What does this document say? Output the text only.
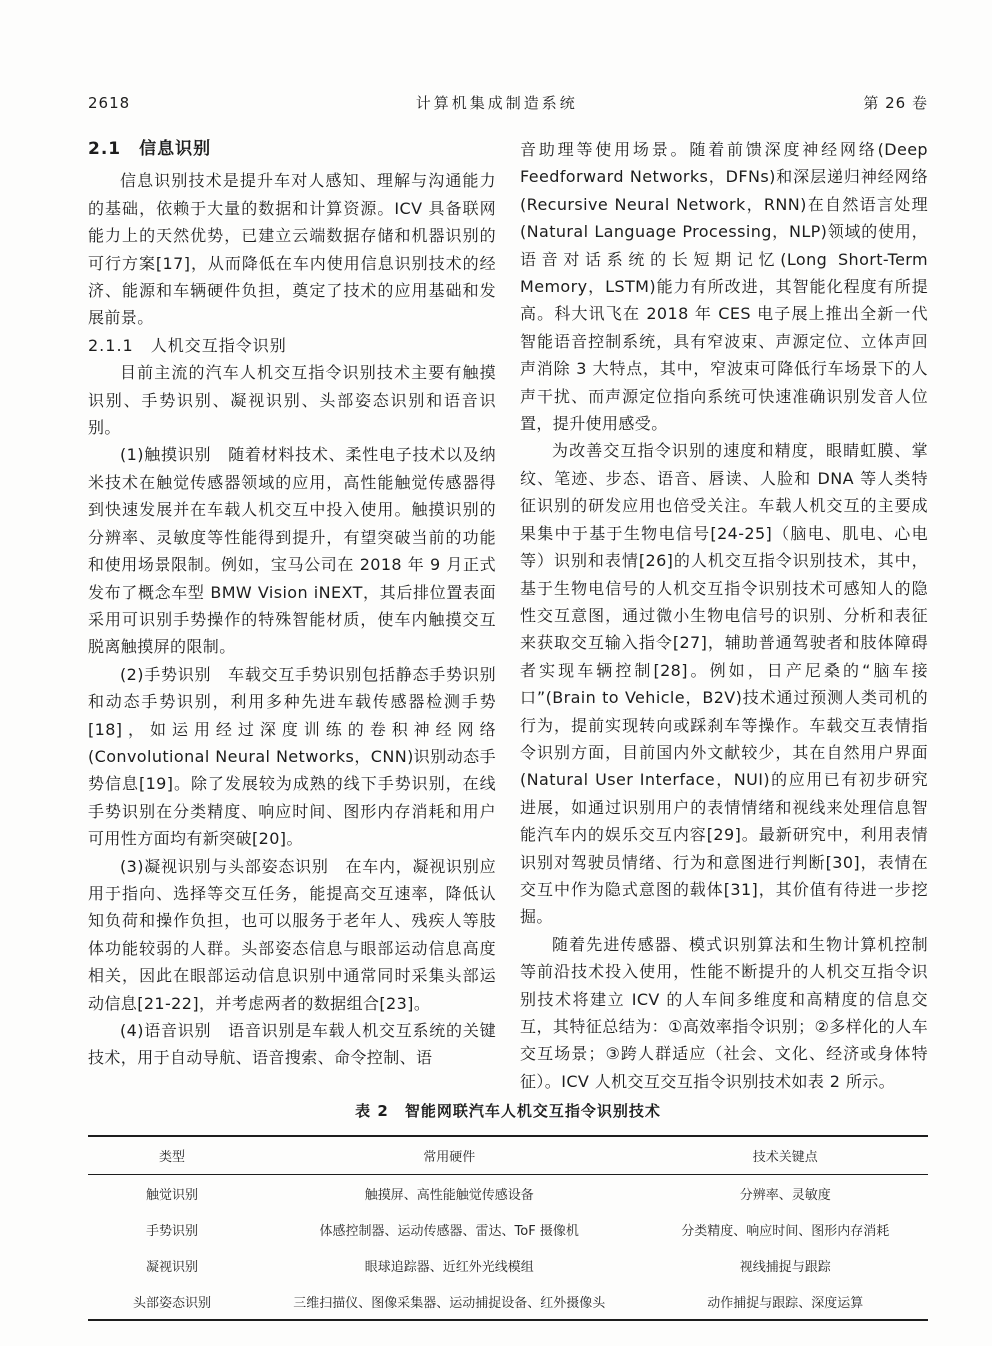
2618	计算机集成制造系统	第 26 卷
2.1　信息识别

信息识别技术是提升车对人感知、理解与沟通能力的基础，依赖于大量的数据和计算资源。ICV 具备联网能力上的天然优势，已建立云端数据存储和机器识别的可行方案[17]，从而降低在车内使用信息识别技术的经济、能源和车辆硬件负担，奠定了技术的应用基础和发展前景。

2.1.1　人机交互指令识别

目前主流的汽车人机交互指令识别技术主要有触摸识别、手势识别、凝视识别、头部姿态识别和语音识别。

(1)触摸识别　随着材料技术、柔性电子技术以及纳米技术在触觉传感器领域的应用，高性能触觉传感器得到快速发展并在车载人机交互中投入使用。触摸识别的分辨率、灵敏度等性能得到提升，有望突破当前的功能和使用场景限制。例如，宝马公司在 2018 年 9 月正式发布了概念车型 BMW Vision iNEXT，其后排位置表面采用可识别手势操作的特殊智能材质，使车内触摸交互脱离触摸屏的限制。

(2)手势识别　车载交互手势识别包括静态手势识别和动态手势识别，利用多种先进车载传感器检测手势[18]，如运用经过深度训练的卷积神经网络(Convolutional Neural Networks，CNN)识别动态手势信息[19]。除了发展较为成熟的线下手势识别，在线手势识别在分类精度、响应时间、图形内存消耗和用户可用性方面均有新突破[20]。

(3)凝视识别与头部姿态识别　在车内，凝视识别应用于指向、选择等交互任务，能提高交互速率，降低认知负荷和操作负担，也可以服务于老年人、残疾人等肢体功能较弱的人群。头部姿态信息与眼部运动信息高度相关，因此在眼部运动信息识别中通常同时采集头部运动信息[21-22]，并考虑两者的数据组合[23]。

(4)语音识别　语音识别是车载人机交互系统的关键技术，用于自动导航、语音搜索、命令控制、语

音助理等使用场景。随着前馈深度神经网络(Deep Feedforward Networks，DFNs)和深层递归神经网络(Recursive Neural Network，RNN)在自然语言处理(Natural Language Processing，NLP)领域的使用，语音对话系统的长短期记忆(Long Short-Term Memory，LSTM)能力有所改进，其智能化程度有所提高。科大讯飞在 2018 年 CES 电子展上推出全新一代智能语音控制系统，具有窄波束、声源定位、立体声回声消除 3 大特点，其中，窄波束可降低行车场景下的人声干扰、而声源定位指向系统可快速准确识别发音人位置，提升使用感受。

为改善交互指令识别的速度和精度，眼睛虹膜、掌纹、笔迹、步态、语音、唇读、人脸和 DNA 等人类特征识别的研发应用也倍受关注。车载人机交互的主要成果集中于基于生物电信号[24-25]（脑电、肌电、心电等）识别和表情[26]的人机交互指令识别技术，其中，基于生物电信号的人机交互指令识别技术可感知人的隐性交互意图，通过微小生物电信号的识别、分析和表征来获取交互输入指令[27]，辅助普通驾驶者和肢体障碍者实现车辆控制[28]。例如，日产尼桑的“脑车接口”(Brain to Vehicle，B2V)技术通过预测人类司机的行为，提前实现转向或踩刹车等操作。车载交互表情指令识别方面，目前国内外文献较少，其在自然用户界面(Natural User Interface，NUI)的应用已有初步研究进展，如通过识别用户的表情情绪和视线来处理信息智能汽车内的娱乐交互内容[29]。最新研究中，利用表情识别对驾驶员情绪、行为和意图进行判断[30]，表情在交互中作为隐式意图的载体[31]，其价值有待进一步挖掘。

随着先进传感器、模式识别算法和生物计算机控制等前沿技术投入使用，性能不断提升的人机交互指令识别技术将建立 ICV 的人车间多维度和高精度的信息交互，其特征总结为：①高效率指令识别；②多样化的人车交互场景；③跨人群适应（社会、文化、经济或身体特征）。ICV 人机交互交互指令识别技术如表 2 所示。

表 2　智能网联汽车人机交互指令识别技术
类型	常用硬件	技术关键点
触觉识别	触摸屏、高性能触觉传感设备	分辨率、灵敏度
手势识别	体感控制器、运动传感器、雷达、ToF 摄像机	分类精度、响应时间、图形内存消耗
凝视识别	眼球追踪器、近红外光线模组	视线捕捉与跟踪
头部姿态识别	三维扫描仪、图像采集器、运动捕捉设备、红外摄像头	动作捕捉与跟踪、深度运算
